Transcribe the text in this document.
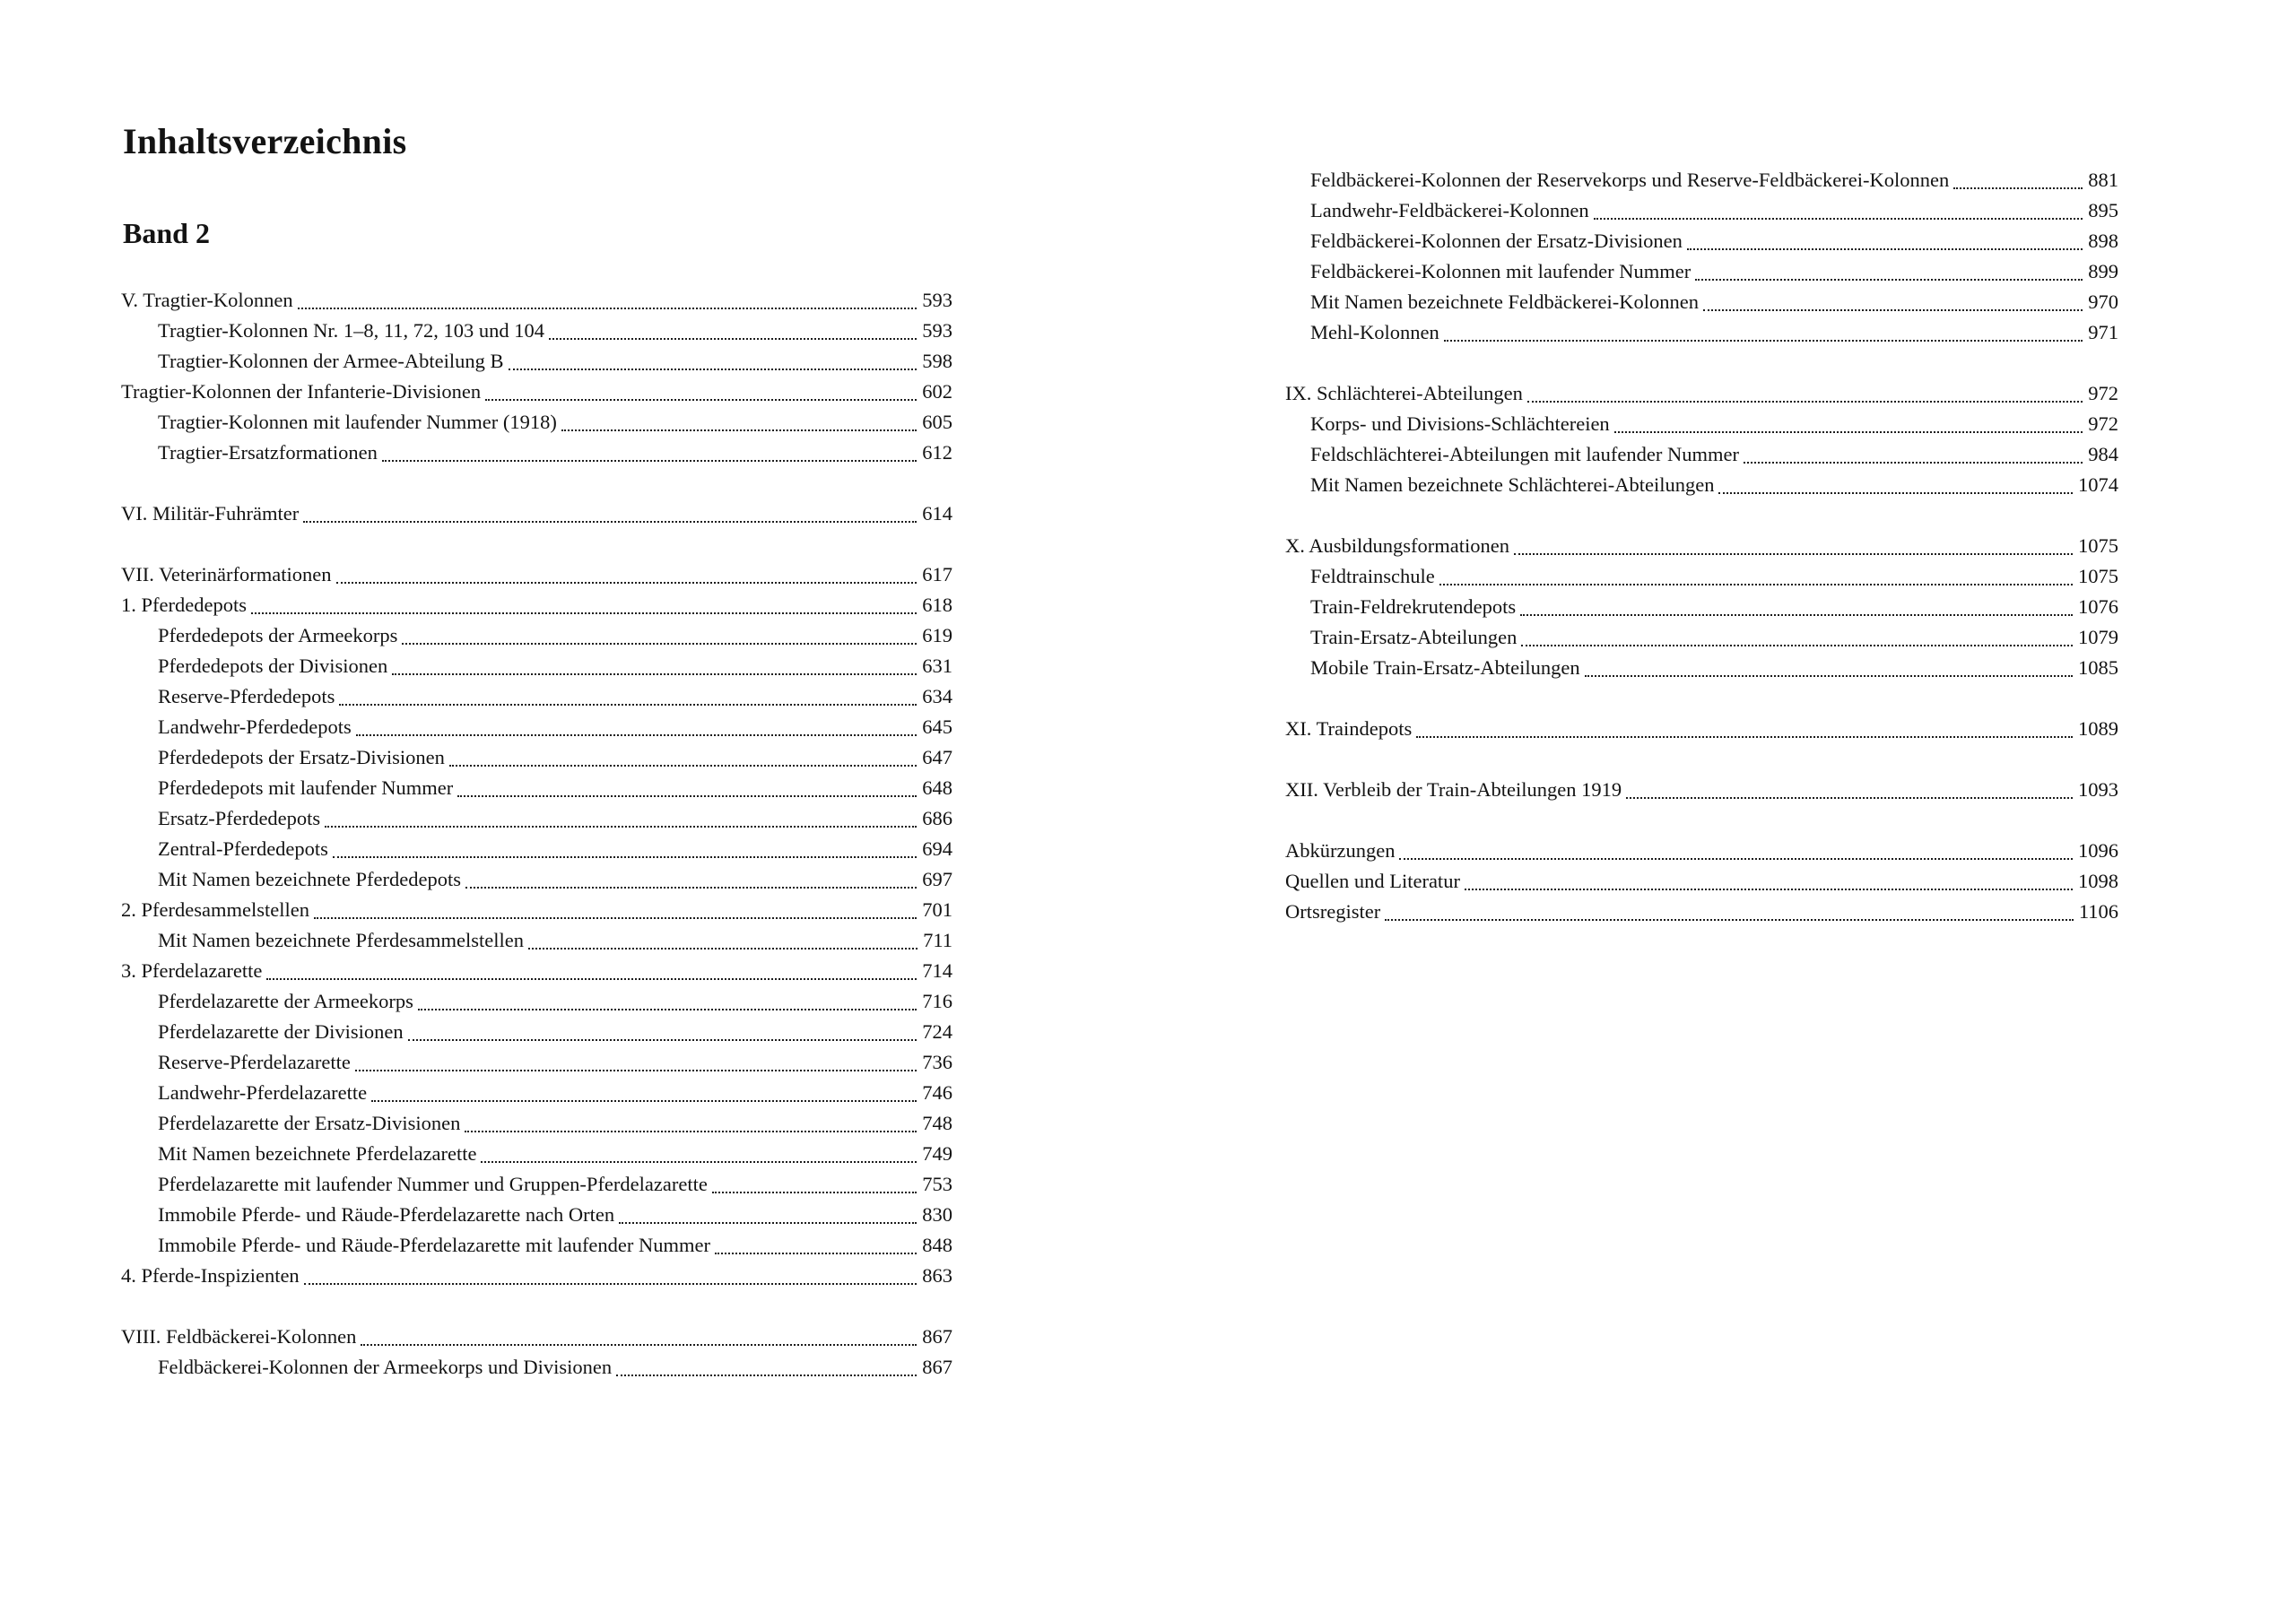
Inhaltsverzeichnis
Band 2
V. Tragtier-Kolonnen	593
Tragtier-Kolonnen Nr. 1–8, 11, 72, 103 und 104	593
Tragtier-Kolonnen der Armee-Abteilung B	598
Tragtier-Kolonnen der Infanterie-Divisionen	602
Tragtier-Kolonnen mit laufender Nummer (1918)	605
Tragtier-Ersatzformationen	612
VI. Militär-Fuhrämter	614
VII. Veterinärformationen	617
1. Pferdedepots	618
Pferdedepots der Armeekorps	619
Pferdedepots der Divisionen	631
Reserve-Pferdedepots	634
Landwehr-Pferdedepots	645
Pferdedepots der Ersatz-Divisionen	647
Pferdedepots mit laufender Nummer	648
Ersatz-Pferdedepots	686
Zentral-Pferdedepots	694
Mit Namen bezeichnete Pferdedepots	697
2. Pferdesammelstellen	701
Mit Namen bezeichnete Pferdesammelstellen	711
3. Pferdelazarette	714
Pferdelazarette der Armeekorps	716
Pferdelazarette der Divisionen	724
Reserve-Pferdelazarette	736
Landwehr-Pferdelazarette	746
Pferdelazarette der Ersatz-Divisionen	748
Mit Namen bezeichnete Pferdelazarette	749
Pferdelazarette mit laufender Nummer und Gruppen-Pferdelazarette	753
Immobile Pferde- und Räude-Pferdelazarette nach Orten	830
Immobile Pferde- und Räude-Pferdelazarette mit laufender Nummer	848
4. Pferde-Inspizienten	863
VIII. Feldbäckerei-Kolonnen	867
Feldbäckerei-Kolonnen der Armeekorps und Divisionen	867
Feldbäckerei-Kolonnen der Reservekorps und Reserve-Feldbäckerei-Kolonnen	881
Landwehr-Feldbäckerei-Kolonnen	895
Feldbäckerei-Kolonnen der Ersatz-Divisionen	898
Feldbäckerei-Kolonnen mit laufender Nummer	899
Mit Namen bezeichnete Feldbäckerei-Kolonnen	970
Mehl-Kolonnen	971
IX. Schlächterei-Abteilungen	972
Korps- und Divisions-Schlächtereien	972
Feldschlächterei-Abteilungen mit laufender Nummer	984
Mit Namen bezeichnete Schlächterei-Abteilungen	1074
X. Ausbildungsformationen	1075
Feldtrainschule	1075
Train-Feldrekrutendepots	1076
Train-Ersatz-Abteilungen	1079
Mobile Train-Ersatz-Abteilungen	1085
XI. Traindepots	1089
XII. Verbleib der Train-Abteilungen 1919	1093
Abkürzungen	1096
Quellen und Literatur	1098
Ortsregister	1106
